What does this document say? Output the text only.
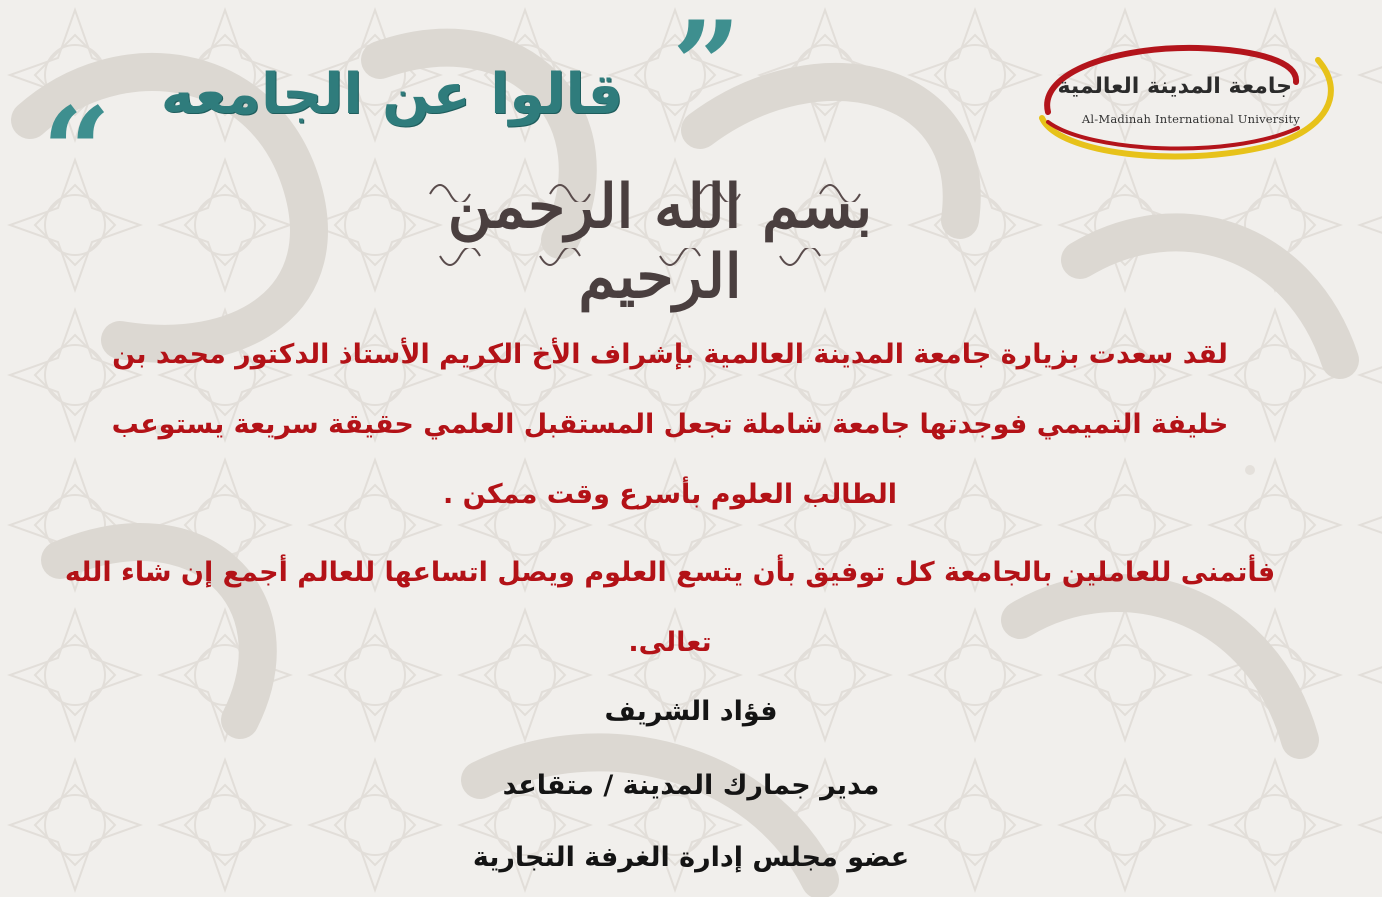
”
قالوا عن الجامعه
“	جامعة المدينة العالمية
Al-Madinah International University
بسم الله الرحمن الرحيم
لقد سعدت بزيارة جامعة المدينة العالمية بإشراف الأخ الكريم الأستاذ الدكتور محمد بن
خليفة التميمي فوجدتها جامعة شاملة تجعل المستقبل العلمي حقيقة سريعة يستوعب
الطالب العلوم بأسرع وقت ممكن .
فأتمنى للعاملين بالجامعة كل توفيق بأن يتسع العلوم ويصل اتساعها للعالم أجمع إن شاء الله
تعالى.
فؤاد الشريف
مدير جمارك المدينة / متقاعد
عضو مجلس إدارة الغرفة التجارية
